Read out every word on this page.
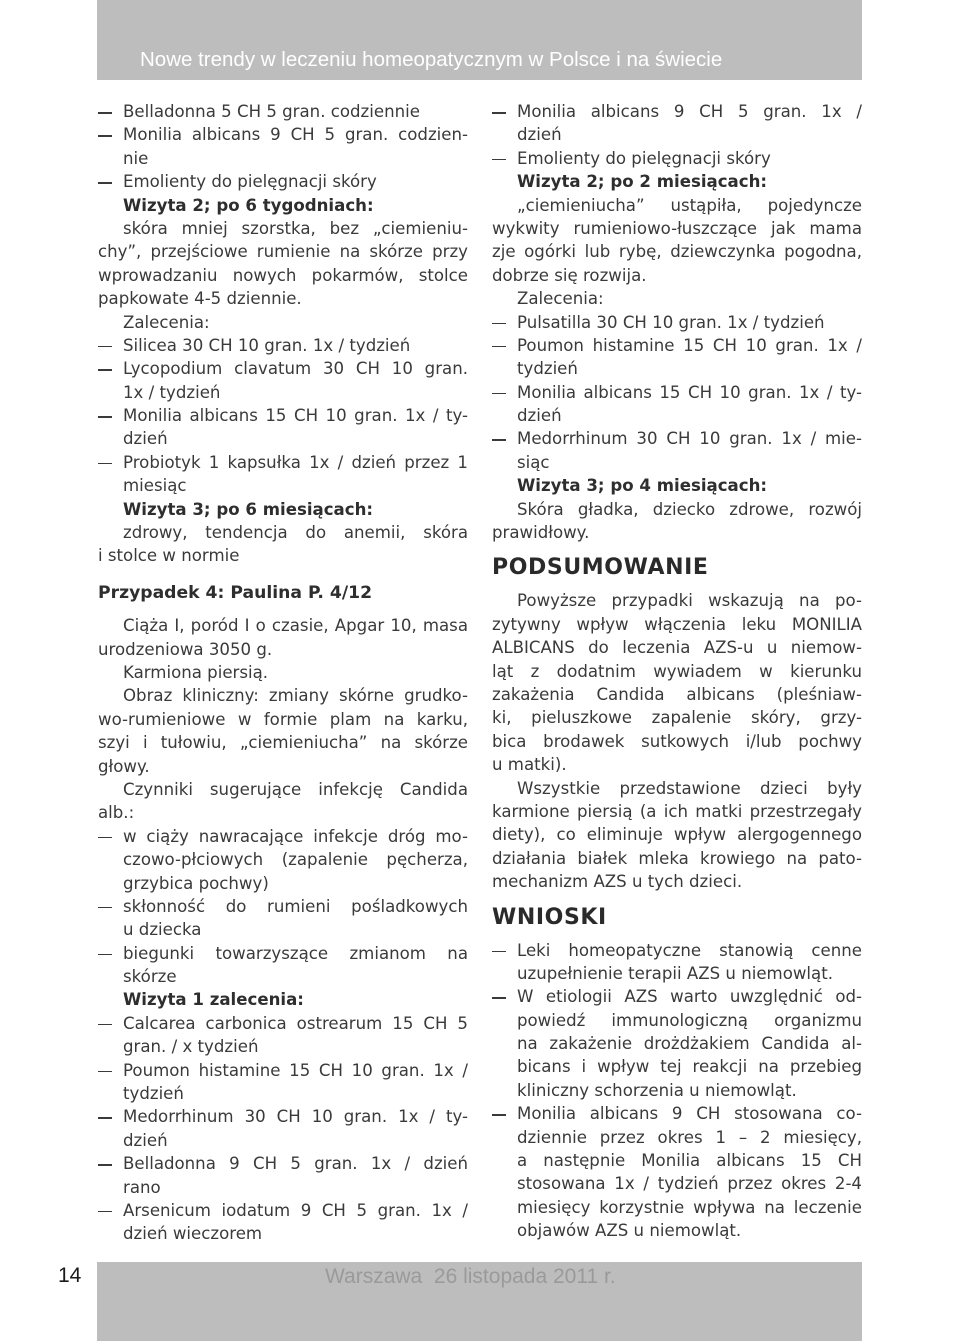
Nowe trendy w leczeniu homeopatycznym w Polsce i na świecie
Belladonna 5 CH 5 gran. codziennie
Monilia albicans 9 CH 5 gran. codzien-
nie
Emolienty do pielęgnacji skóry
Wizyta 2; po 6 tygodniach:
skóra mniej szorstka, bez „ciemieniu-
chy”, przejściowe rumienie na skórze przy
wprowadzaniu nowych pokarmów, stolce
papkowate 4-5 dziennie.
Zalecenia:
Silicea 30 CH 10 gran. 1x / tydzień
Lycopodium clavatum 30 CH 10 gran.
1x / tydzień
Monilia albicans 15 CH 10 gran. 1x / ty-
dzień
Probiotyk 1 kapsułka 1x / dzień przez 1
miesiąc
Wizyta 3; po 6 miesiącach:
zdrowy, tendencja do anemii, skóra
i stolce w normie
Przypadek 4: Paulina P. 4/12
Ciąża I, poród I o czasie, Apgar 10, masa
urodzeniowa 3050 g.
Karmiona piersią.
Obraz kliniczny: zmiany skórne grudko-
wo-rumieniowe w formie plam na karku,
szyi i tułowiu, „ciemieniucha” na skórze
głowy.
Czynniki sugerujące infekcję Candida
alb.:
w ciąży nawracające infekcje dróg mo-
czowo-płciowych (zapalenie pęcherza,
grzybica pochwy)
skłonność do rumieni pośladkowych
u dziecka
biegunki towarzyszące zmianom na
skórze
Wizyta 1 zalecenia:
Calcarea carbonica ostrearum 15 CH 5
gran. / x tydzień
Poumon histamine 15 CH 10 gran. 1x /
tydzień
Medorrhinum 30 CH 10 gran. 1x / ty-
dzień
Belladonna 9 CH 5 gran. 1x / dzień
rano
Arsenicum iodatum 9 CH 5 gran. 1x /
dzień wieczorem
Monilia albicans 9 CH 5 gran. 1x /
dzień
Emolienty do pielęgnacji skóry
Wizyta 2; po 2 miesiącach:
„ciemieniucha” ustąpiła, pojedyncze
wykwity rumieniowo-łuszczące jak mama
zje ogórki lub rybę, dziewczynka pogodna,
dobrze się rozwija.
Zalecenia:
Pulsatilla 30 CH 10 gran. 1x / tydzień
Poumon histamine 15 CH 10 gran. 1x /
tydzień
Monilia albicans 15 CH 10 gran. 1x / ty-
dzień
Medorrhinum 30 CH 10 gran. 1x / mie-
siąc
Wizyta 3; po 4 miesiącach:
Skóra gładka, dziecko zdrowe, rozwój
prawidłowy.
PODSUMOWANIE
Powyższe przypadki wskazują na po-
zytywny wpływ włączenia leku MONILIA
ALBICANS do leczenia AZS-u u niemow-
ląt z dodatnim wywiadem w kierunku
zakażenia Candida albicans (pleśniaw-
ki, pieluszkowe zapalenie skóry, grzy-
bica brodawek sutkowych i/lub pochwy
u matki).
Wszystkie przedstawione dzieci były
karmione piersią (a ich matki przestrzegały
diety), co eliminuje wpływ alergogennego
działania białek mleka krowiego na pato-
mechanizm AZS u tych dzieci.
WNIOSKI
Leki homeopatyczne stanowią cenne
uzupełnienie terapii AZS u niemowląt.
W etiologii AZS warto uwzględnić od-
powiedź immunologiczną organizmu
na zakażenie drożdżakiem Candida al-
bicans i wpływ tej reakcji na przebieg
kliniczny schorzenia u niemowląt.
Monilia albicans 9 CH stosowana co-
dziennie przez okres 1 – 2 miesięcy,
a następnie Monilia albicans 15 CH
stosowana 1x / tydzień przez okres 2-4
miesięcy korzystnie wpływa na leczenie
objawów AZS u niemowląt.
Warszawa  26 listopada 2011 r.
14
